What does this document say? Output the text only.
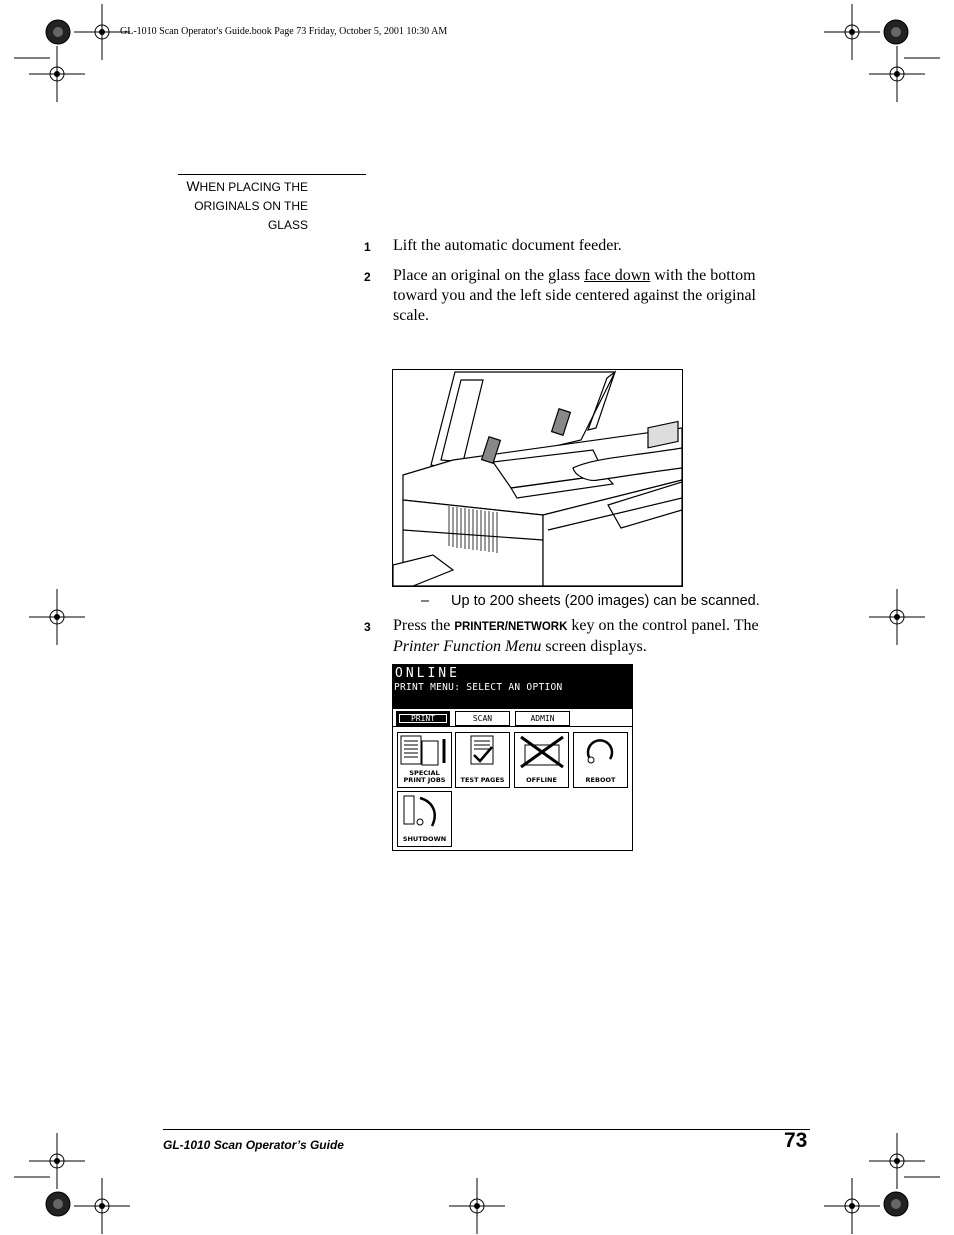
GL-1010 Scan Operator's Guide.book Page 73 Friday, October 5, 2001 10:30 AM
WHEN PLACING THE
ORIGINALS ON THE
GLASS
1 Lift the automatic document feeder.
2 Place an original on the glass face down with the bottom toward you and the left side centered against the original scale.
– Up to 200 sheets (200 images) can be scanned.
3 Press the PRINTER/NETWORK key on the control panel. The Printer Function Menu screen displays.
ONLINE
PRINT MENU: SELECT AN OPTION
PRINT	SCAN	ADMIN
SPECIAL
PRINT JOBS	TEST PAGES	OFFLINE	REBOOT
SHUTDOWN
GL-1010 Scan Operator’s Guide	73
